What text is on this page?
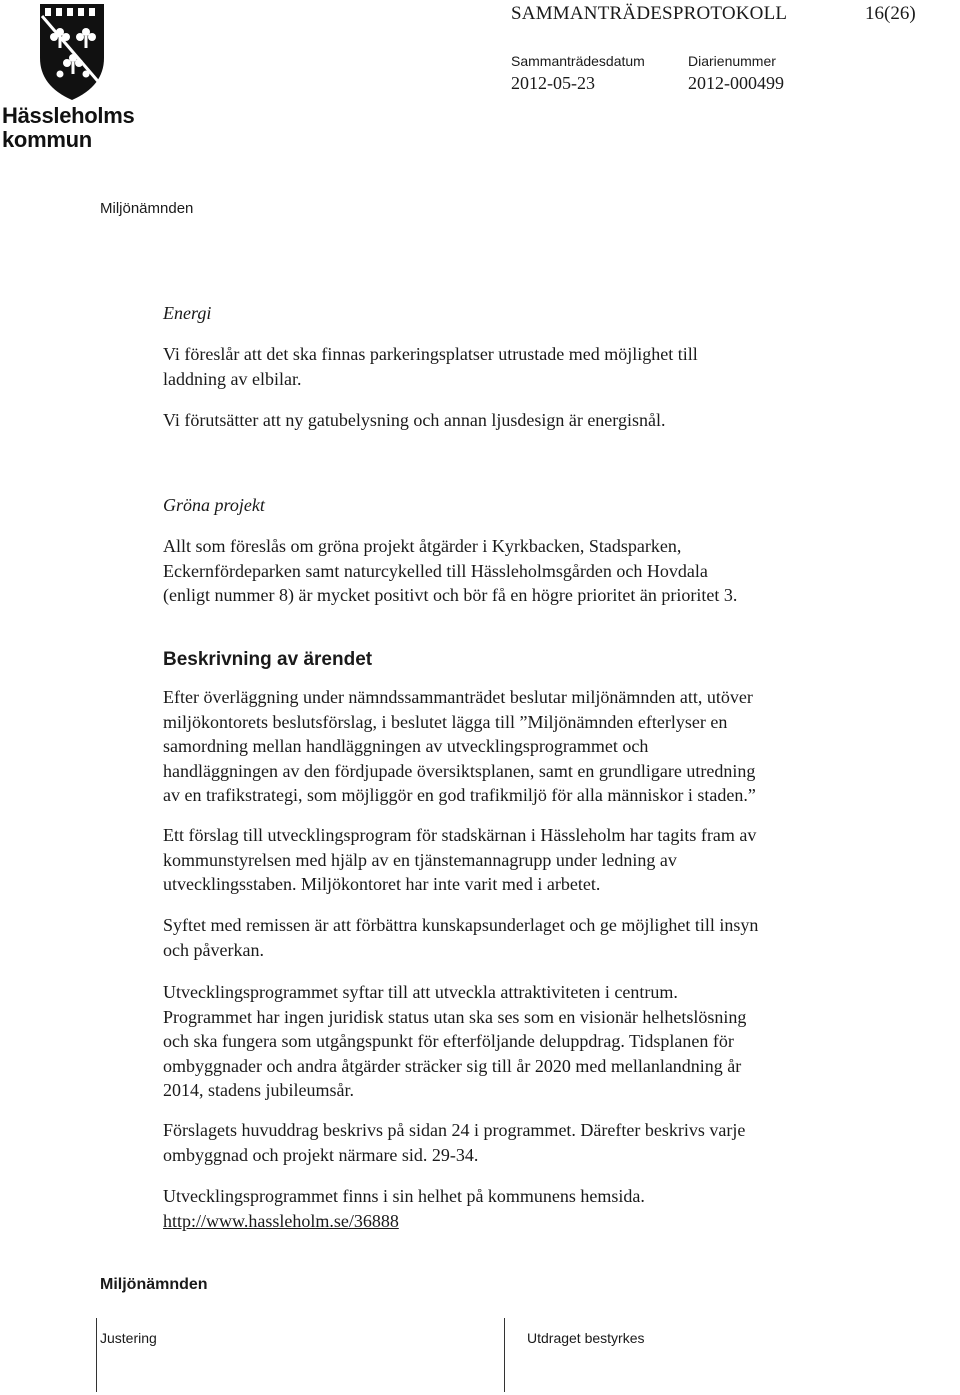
Hässleholms
kommun
SAMMANTRÄDESPROTOKOLL	16(26)
Sammanträdesdatum
2012-05-23
Diarienummer
2012-000499
Miljönämnden

Energi

Vi föreslår att det ska finnas parkeringsplatser utrustade med möjlighet till

laddning av elbilar.

Vi förutsätter att ny gatubelysning och annan ljusdesign är energisnål.

Gröna projekt

Allt som föreslås om gröna projekt åtgärder i Kyrkbacken, Stadsparken,

Eckernfördeparken samt naturcykelled till Hässleholmsgården och Hovdala

(enligt nummer 8) är mycket positivt och bör få en högre prioritet än prioritet 3.

Beskrivning av ärendet

Efter överläggning under nämndssammanträdet beslutar miljönämnden att, utöver

miljökontorets beslutsförslag, i beslutet lägga till ”Miljönämnden efterlyser en

samordning mellan handläggningen av utvecklingsprogrammet och

handläggningen av den fördjupade översiktsplanen, samt en grundligare utredning

av en trafikstrategi, som möjliggör en god trafikmiljö för alla människor i staden.”

Ett förslag till utvecklingsprogram för stadskärnan i Hässleholm har tagits fram av

kommunstyrelsen med hjälp av en tjänstemannagrupp under ledning av

utvecklingsstaben. Miljökontoret har inte varit med i arbetet.

Syftet med remissen är att förbättra kunskapsunderlaget och ge möjlighet till insyn

och påverkan.

Utvecklingsprogrammet syftar till att utveckla attraktiviteten i centrum.

Programmet har ingen juridisk status utan ska ses som en visionär helhetslösning

och ska fungera som utgångspunkt för efterföljande deluppdrag. Tidsplanen för

ombyggnader och andra åtgärder sträcker sig till år 2020 med mellanlandning år

2014, stadens jubileumsår.

Förslagets huvuddrag beskrivs på sidan 24 i programmet. Därefter beskrivs varje

ombyggnad och projekt närmare sid. 29-34.

Utvecklingsprogrammet finns i sin helhet på kommunens hemsida.

http://www.hassleholm.se/36888

Miljönämnden
Justering	Utdraget bestyrkes
